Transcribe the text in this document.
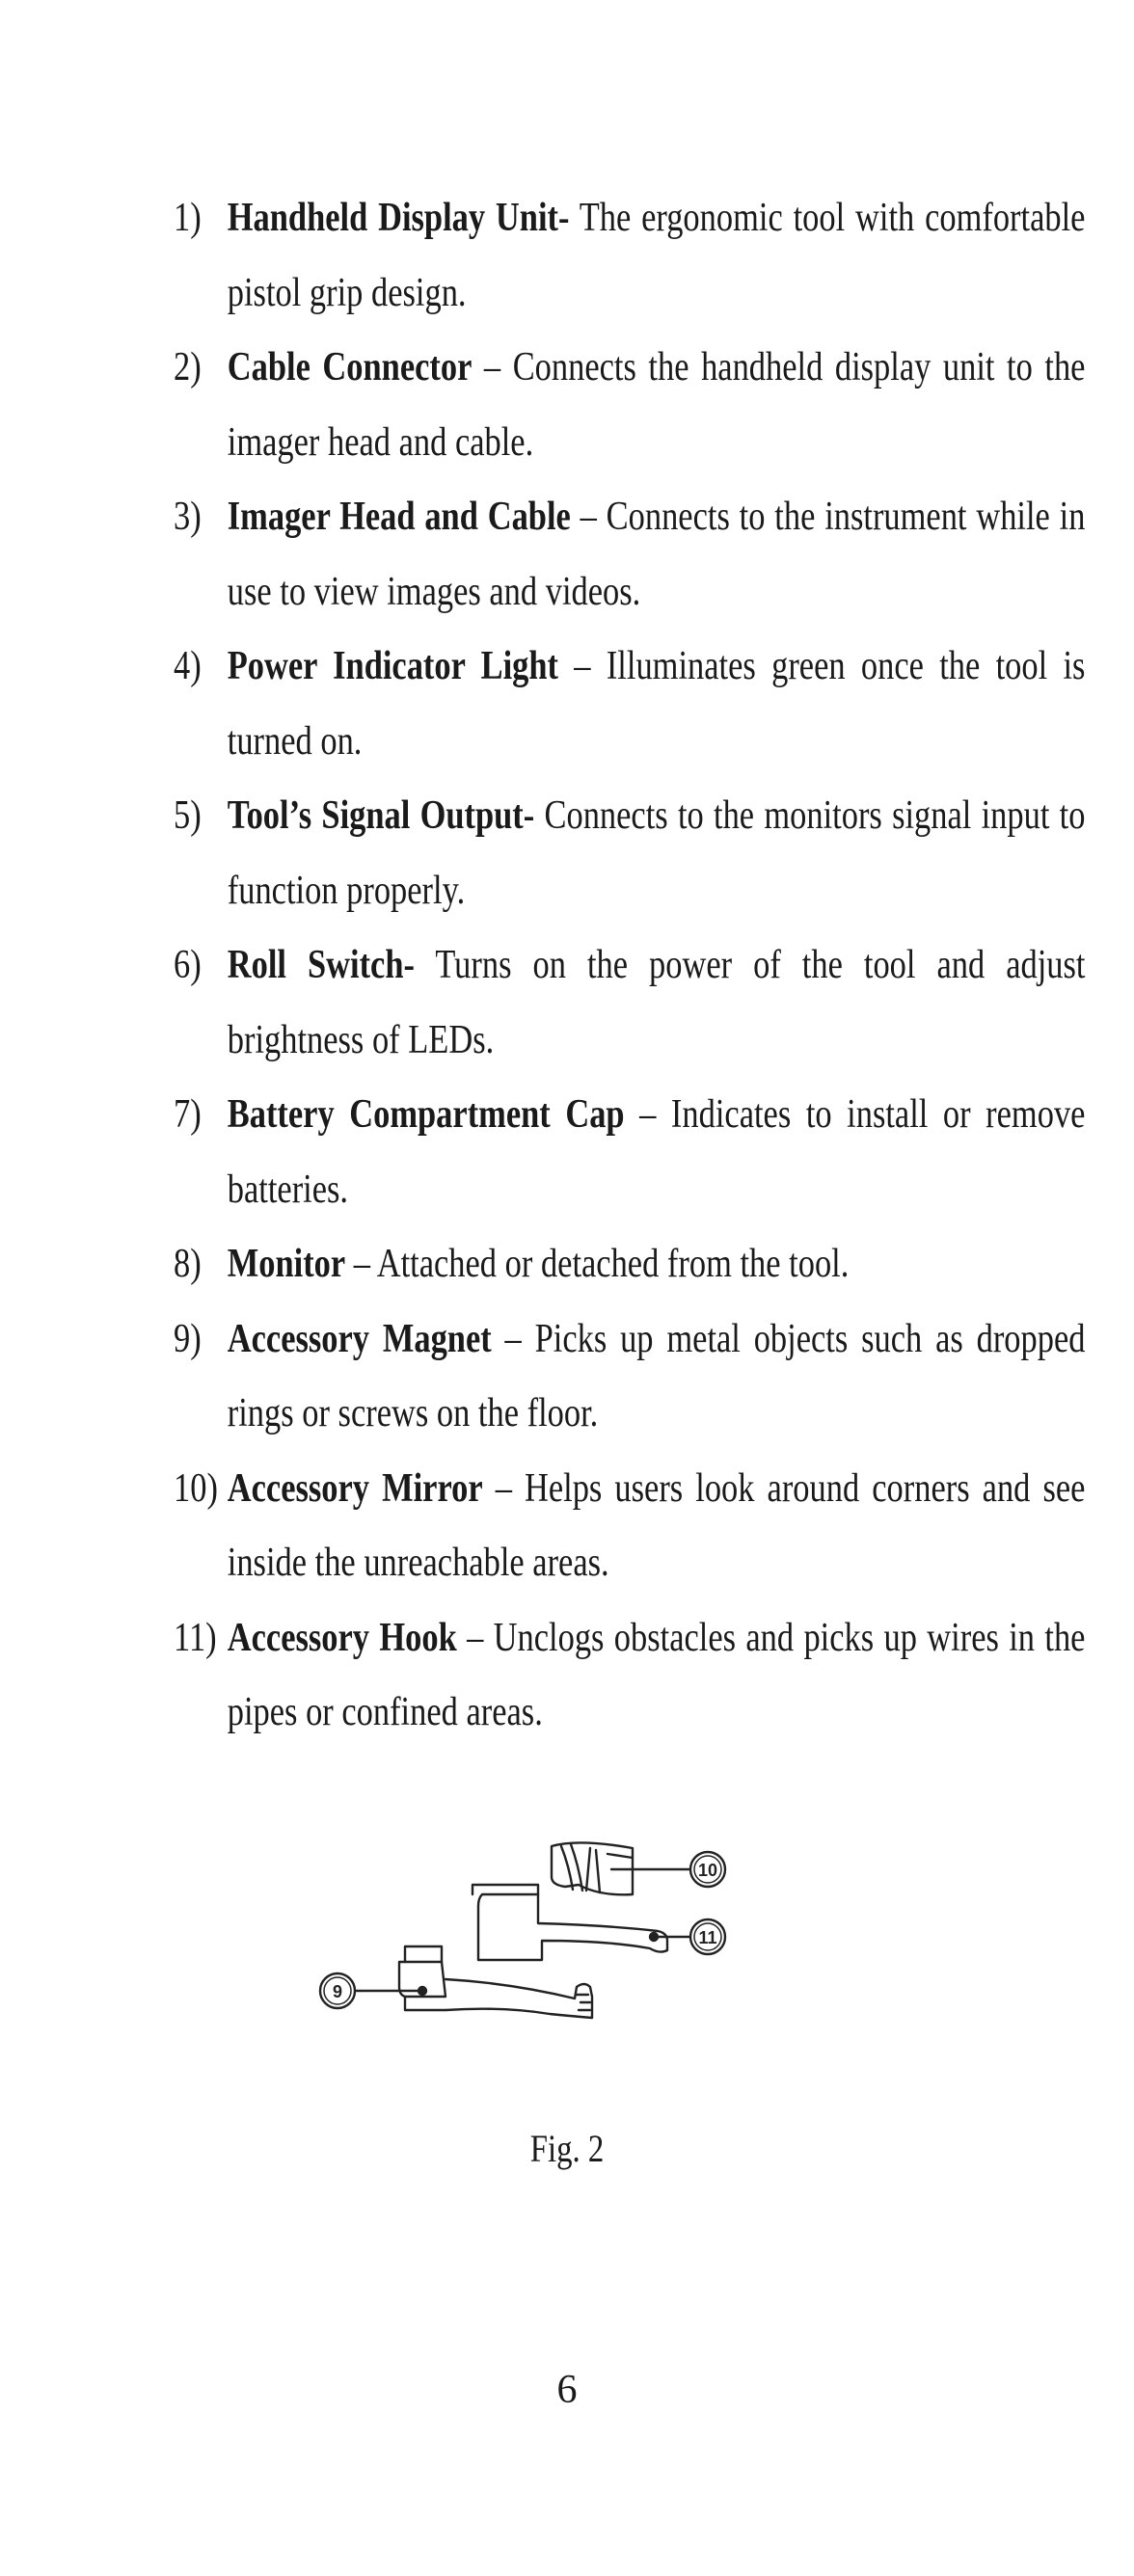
1) Handheld Display Unit- The ergonomic tool with comfortable pistol grip design.
2) Cable Connector – Connects the handheld display unit to the imager head and cable.
3) Imager Head and Cable – Connects to the instrument while in use to view images and videos.
4) Power Indicator Light – Illuminates green once the tool is turned on.
5) Tool’s Signal Output- Connects to the monitors signal input to function properly.
6) Roll Switch- Turns on the power of the tool and adjust brightness of LEDs.
7) Battery Compartment Cap – Indicates to install or remove batteries.
8) Monitor – Attached or detached from the tool.
9) Accessory Magnet – Picks up metal objects such as dropped rings or screws on the floor.
10) Accessory Mirror – Helps users look around corners and see inside the unreachable areas.
11) Accessory Hook – Unclogs obstacles and picks up wires in the pipes or confined areas.
10
11
9
Fig. 2
6
